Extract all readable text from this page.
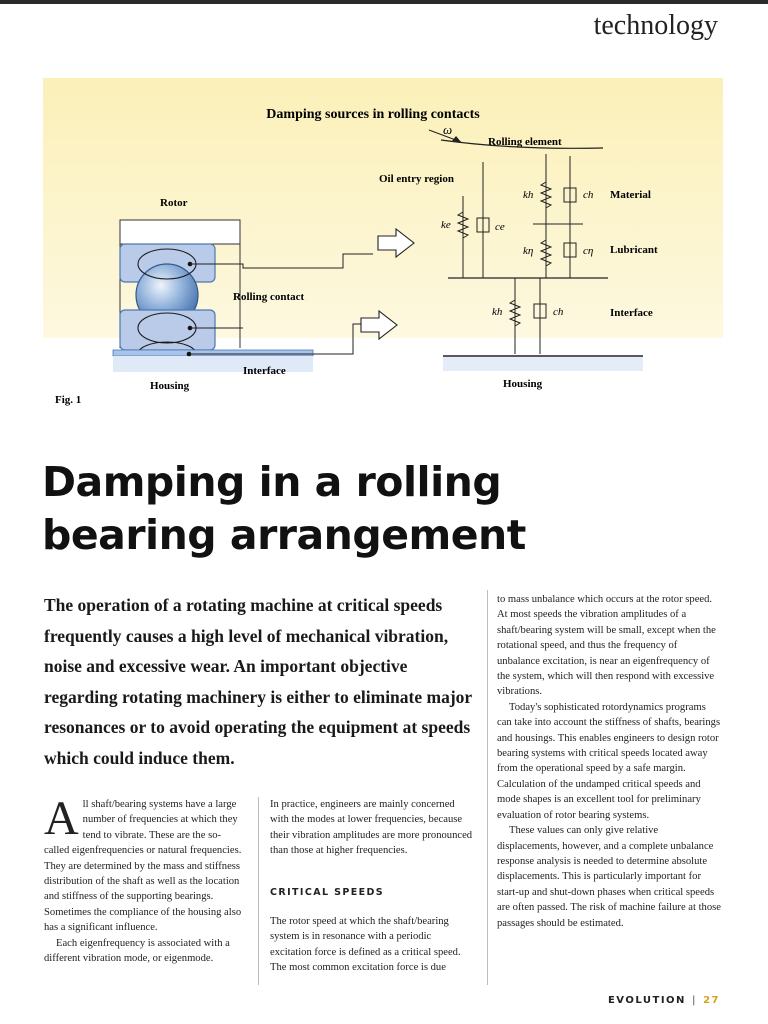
technology
Damping sources in rolling contacts
Rolling contact
Interface
Rotor
Housing
ω
Rolling element
Oil entry region
ke	ce
kh	ch
kη	cη
Material
Lubricant
kh	ch	Interface
Housing
Fig. 1
Damping in a rolling
bearing arrangement
The operation of a rotating machine at critical speeds frequently causes a high level of mechanical vibration, noise and excessive wear. An important objective regarding rotating machinery is either to eliminate major resonances or to avoid operating the equipment at speeds which could induce them.

All shaft/bearing systems have a large number of frequencies at which they tend to vibrate. These are the so-called eigenfrequencies or natural frequencies. They are determined by the mass and stiffness distribution of the shaft as well as the location and stiffness of the supporting bearings. Sometimes the compliance of the housing also has a significant influence.

Each eigenfrequency is associated with a different vibration mode, or eigenmode.

In practice, engineers are mainly concerned with the modes at lower frequencies, because their vibration amplitudes are more pronounced than those at higher frequencies.

CRITICAL SPEEDS

The rotor speed at which the shaft/bearing system is in resonance with a periodic excitation force is defined as a critical speed. The most common excitation force is due

to mass unbalance which occurs at the rotor speed. At most speeds the vibration amplitudes of a shaft/bearing system will be small, except when the rotational speed, and thus the frequency of unbalance excitation, is near an eigenfrequency of the system, which will then respond with excessive vibrations.

Today's sophisticated rotordynamics programs can take into account the stiffness of shafts, bearings and housings. This enables engineers to design rotor bearing systems with critical speeds located away from the operational speed by a safe margin. Calculation of the undamped critical speeds and mode shapes is an excellent tool for preliminary evaluation of rotor bearing systems.

These values can only give relative displacements, however, and a complete unbalance response analysis is needed to determine absolute displacements. This is particularly important for start-up and shut-down phases when critical speeds are often passed. The risk of machine failure at those passages should be estimated.

EVOLUTION | 27
